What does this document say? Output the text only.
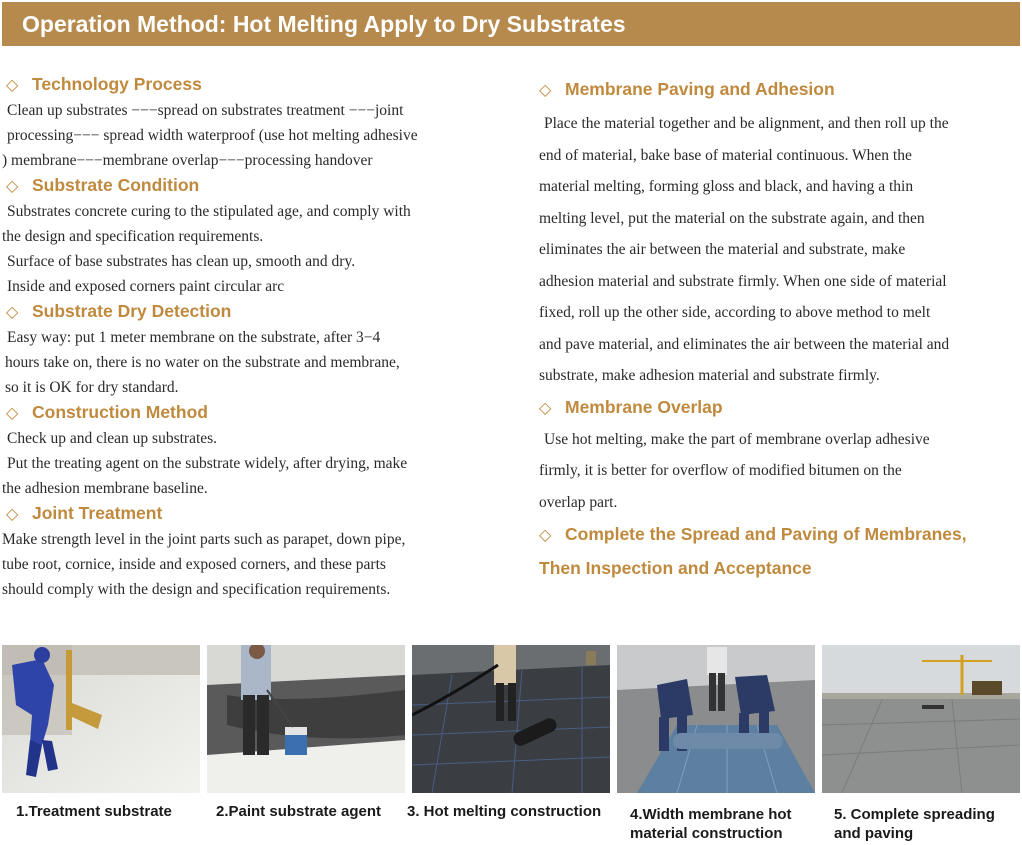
Operation Method: Hot Melting Apply to Dry Substrates

◇ Technology Process

Clean up substrates −−−spread on substrates treatment −−−joint

processing−−− spread width waterproof (use hot melting adhesive

) membrane−−−membrane overlap−−−processing handover

◇ Substrate Condition

Substrates concrete curing to the stipulated age, and comply with

the design and specification requirements.

Surface of base substrates has clean up, smooth and dry.

Inside and exposed corners paint circular arc

◇ Substrate Dry Detection

Easy way: put 1 meter membrane on the substrate, after 3−4

hours take on, there is no water on the substrate and membrane,

so it is OK for dry standard.

◇ Construction Method

Check up and clean up substrates.

Put the treating agent on the substrate widely, after drying, make

the adhesion membrane baseline.

◇ Joint Treatment

Make strength level in the joint parts such as parapet, down pipe,

tube root, cornice, inside and exposed corners, and these parts

should comply with the design and specification requirements.

◇ Membrane Paving and Adhesion

Place the material together and be alignment, and then roll up the

end of material, bake base of material continuous. When the

material melting, forming gloss and black, and having a thin

melting level, put the material on the substrate again, and then

eliminates the air between the material and substrate, make

adhesion material and substrate firmly. When one side of material

fixed, roll up the other side, according to above method to melt

and pave material, and eliminates the air between the material and

substrate, make adhesion material and substrate firmly.

◇ Membrane Overlap

Use hot melting, make the part of membrane overlap adhesive

firmly, it is better for overflow of modified bitumen on the

overlap part.

◇ Complete the Spread and Paving of Membranes,

Then Inspection and Acceptance

1.Treatment substrate	2.Paint substrate agent 3. Hot melting construction 4.Width membrane hot
material construction
5. Complete spreading
and paving
